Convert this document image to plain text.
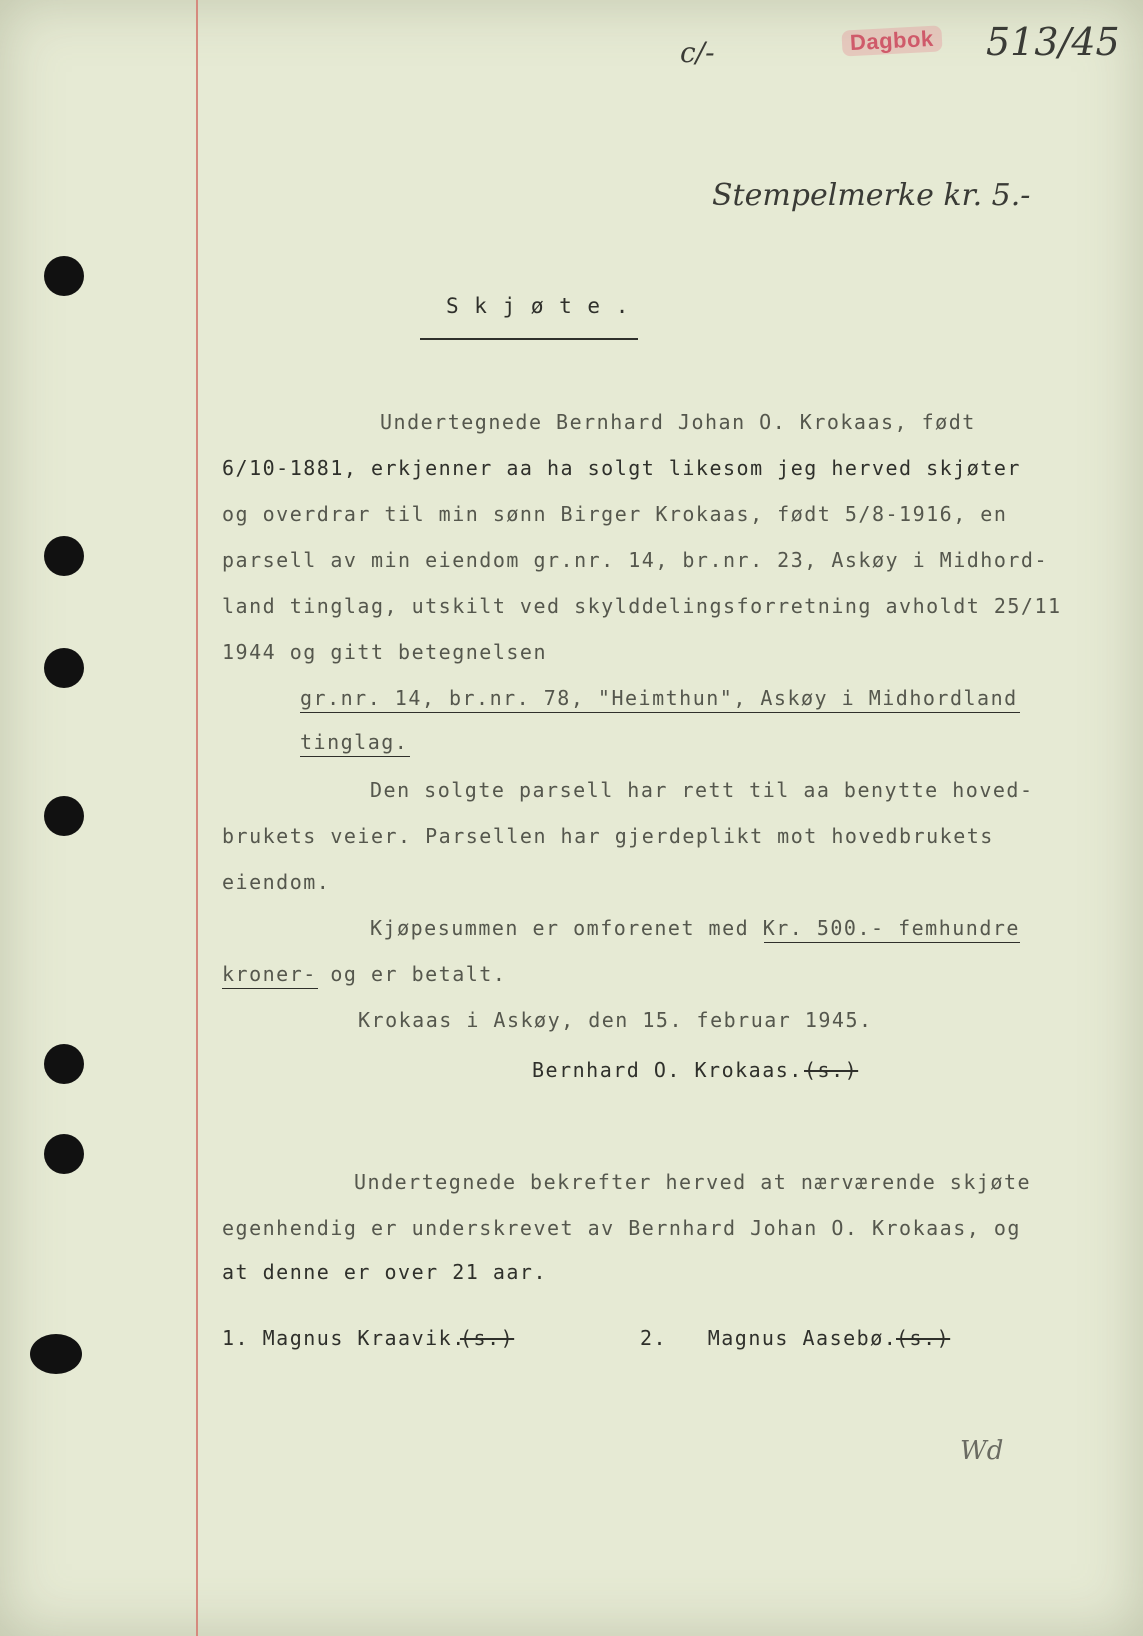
Dagbok 513/45

c/-

Stempelmerke kr. 5.-

S k j ø t e .

Undertegnede Bernhard Johan O. Krokaas, født

6/10-1881, erkjenner aa ha solgt likesom jeg herved skjøter

og overdrar til min sønn Birger Krokaas, født 5/8-1916, en

parsell av min eiendom gr.nr. 14, br.nr. 23, Askøy i Midhord-

land tinglag, utskilt ved skylddelingsforretning avholdt 25/11

1944 og gitt betegnelsen

gr.nr. 14, br.nr. 78, "Heimthun", Askøy i Midhordland

tinglag.

Den solgte parsell har rett til aa benytte hoved-

brukets veier. Parsellen har gjerdeplikt mot hovedbrukets

eiendom.

Kjøpesummen er omforenet med Kr. 500.- femhundre

kroner- og er betalt.

Krokaas i Askøy, den 15. februar 1945.

Bernhard O. Krokaas. (s.)

Undertegnede bekrefter herved at nærværende skjøte

egenhendig er underskrevet av Bernhard Johan O. Krokaas, og

at denne er over 21 aar.

1. Magnus Kraavik.

(s.)	2.   Magnus Aasebø.

(s.)

Wd
